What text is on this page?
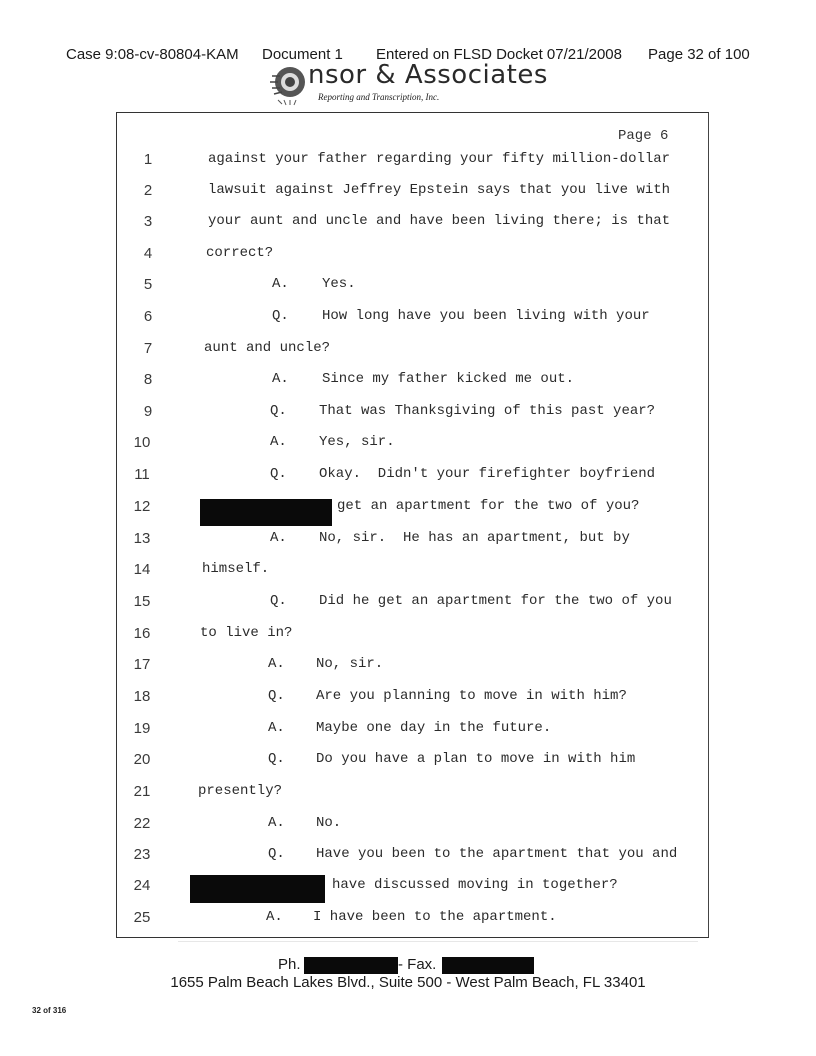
Case 9:08-cv-80804-KAM Document 1 Entered on FLSD Docket 07/21/2008 Page 32 of 100
nsor & Associates
Reporting and Transcription, Inc.
Page 6
1	against your father regarding your fifty million-dollar
2	lawsuit against Jeffrey Epstein says that you live with
3	your aunt and uncle and have been living there; is that
4	correct?
5	A. Yes.
6	Q. How long have you been living with your
7	aunt and uncle?
8	A. Since my father kicked me out.
9	Q. That was Thanksgiving of this past year?
10	A. Yes, sir.
11	Q. Okay.  Didn't your firefighter boyfriend
12	get an apartment for the two of you?
13	A. No, sir.  He has an apartment, but by
14	himself.
15	Q. Did he get an apartment for the two of you
16	to live in?
17	A. No, sir.
18	Q. Are you planning to move in with him?
19	A. Maybe one day in the future.
20	Q. Do you have a plan to move in with him
21	presently?
22	A. No.
23	Q. Have you been to the apartment that you and
24	have discussed moving in together?
25	A. I have been to the apartment.
Ph.	- Fax.
1655 Palm Beach Lakes Blvd., Suite 500 - West Palm Beach, FL 33401
32 of 316
